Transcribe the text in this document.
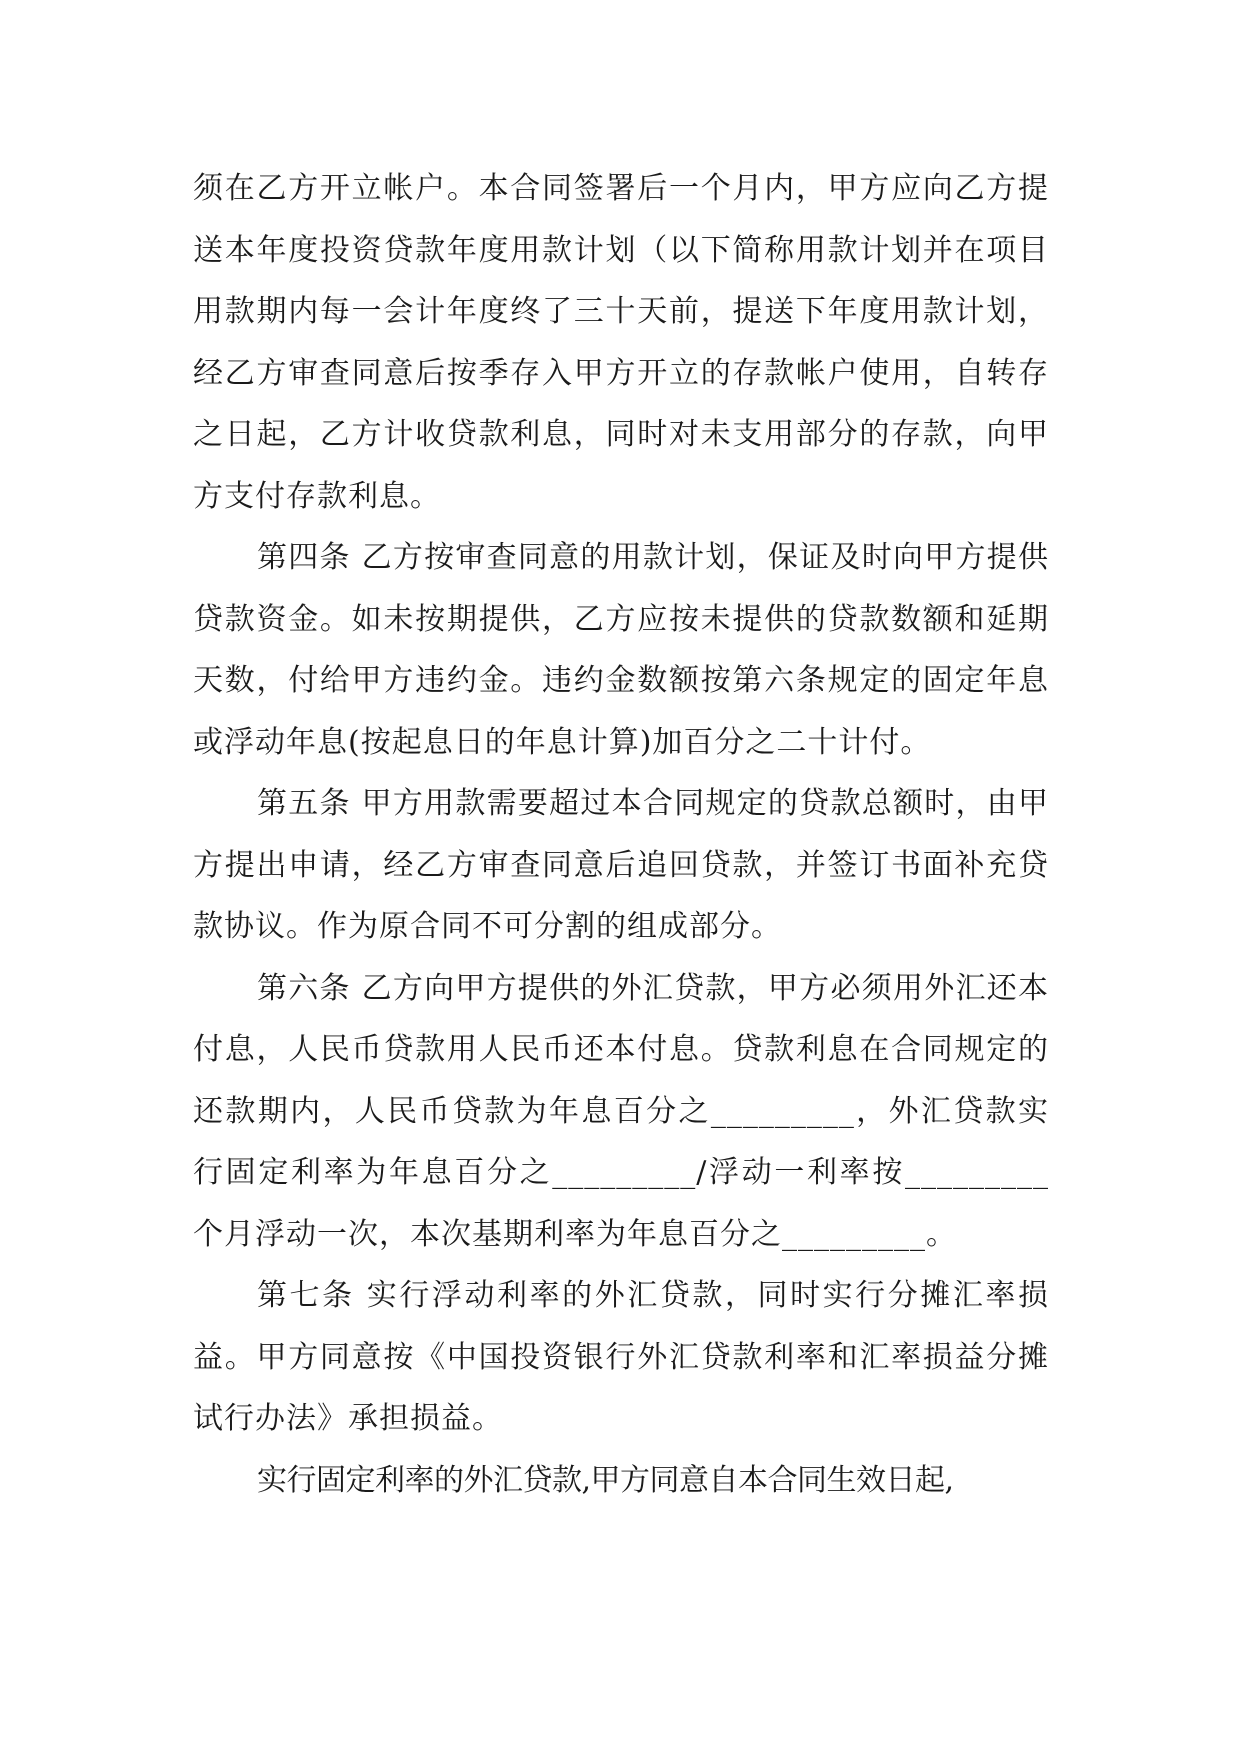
须在乙方开立帐户。本合同签署后一个月内，甲方应向乙方提送本年度投资贷款年度用款计划（以下简称用款计划并在项目用款期内每一会计年度终了三十天前，提送下年度用款计划，经乙方审查同意后按季存入甲方开立的存款帐户使用，自转存之日起，乙方计收贷款利息，同时对未支用部分的存款，向甲方支付存款利息。

第四条 乙方按审查同意的用款计划，保证及时向甲方提供贷款资金。如未按期提供，乙方应按未提供的贷款数额和延期天数，付给甲方违约金。违约金数额按第六条规定的固定年息或浮动年息(按起息日的年息计算)加百分之二十计付。

第五条 甲方用款需要超过本合同规定的贷款总额时，由甲方提出申请，经乙方审查同意后追回贷款，并签订书面补充贷款协议。作为原合同不可分割的组成部分。

第六条 乙方向甲方提供的外汇贷款，甲方必须用外汇还本付息，人民币贷款用人民币还本付息。贷款利息在合同规定的还款期内，人民币贷款为年息百分之_________，外汇贷款实行固定利率为年息百分之_________/浮动一利率按_________个月浮动一次，本次基期利率为年息百分之_________。

第七条 实行浮动利率的外汇贷款，同时实行分摊汇率损益。甲方同意按《中国投资银行外汇贷款利率和汇率损益分摊试行办法》承担损益。

实行固定利率的外汇贷款,甲方同意自本合同生效日起,
